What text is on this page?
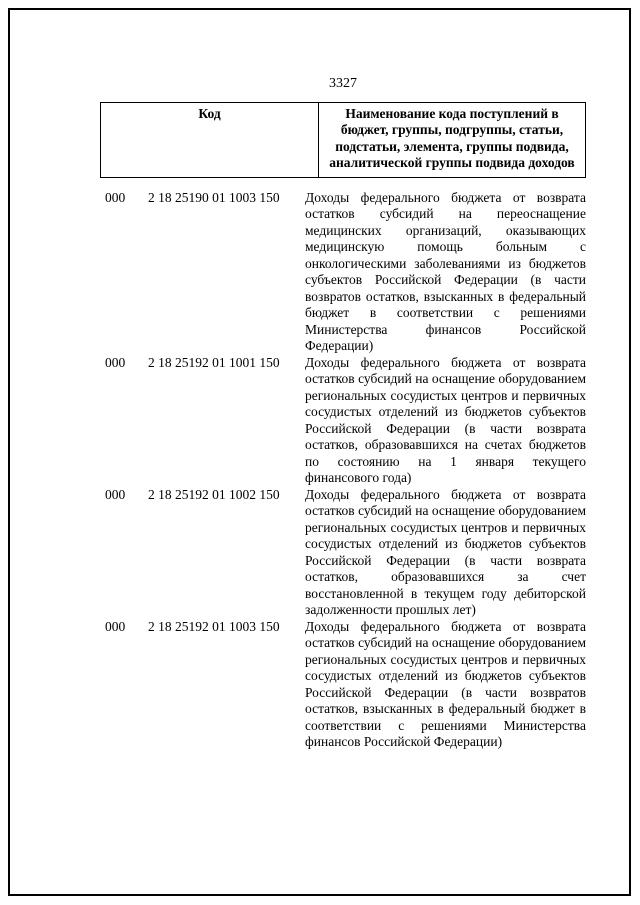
3327
Код	Наименование кода поступлений в бюджет, группы, подгруппы, статьи, подстатьи, элемента, группы подвида, аналитической группы подвида доходов
000	2 18 25190 01 1003 150	Доходы федерального бюджета от возврата остатков субсидий на переоснащение медицинских организаций, оказывающих медицинскую помощь больным с онкологическими заболеваниями из бюджетов субъектов Российской Федерации (в части возвратов остатков, взысканных в федеральный бюджет в соответствии с решениями Министерства финансов Российской Федерации)
000	2 18 25192 01 1001 150	Доходы федерального бюджета от возврата остатков субсидий на оснащение оборудованием региональных сосудистых центров и первичных сосудистых отделений из бюджетов субъектов Российской Федерации (в части возврата остатков, образовавшихся на счетах бюджетов по состоянию на 1 января текущего финансового года)
000	2 18 25192 01 1002 150	Доходы федерального бюджета от возврата остатков субсидий на оснащение оборудованием региональных сосудистых центров и первичных сосудистых отделений из бюджетов субъектов Российской Федерации (в части возврата остатков, образовавшихся за счет восстановленной в текущем году дебиторской задолженности прошлых лет)
000	2 18 25192 01 1003 150	Доходы федерального бюджета от возврата остатков субсидий на оснащение оборудованием региональных сосудистых центров и первичных сосудистых отделений из бюджетов субъектов Российской Федерации (в части возвратов остатков, взысканных в федеральный бюджет в соответствии с решениями Министерства финансов Российской Федерации)
